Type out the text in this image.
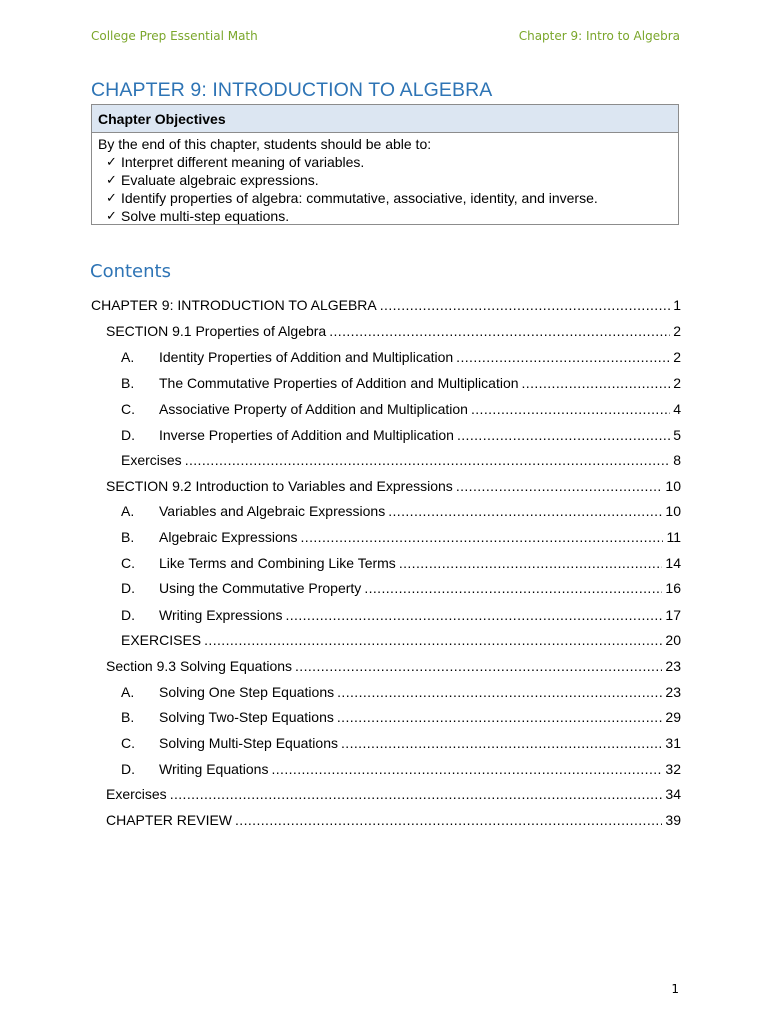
College Prep Essential Math	Chapter 9: Intro to Algebra
CHAPTER 9: INTRODUCTION TO ALGEBRA
Chapter Objectives
By the end of this chapter, students should be able to:
✓ Interpret different meaning of variables.
✓ Evaluate algebraic expressions.
✓ Identify properties of algebra: commutative, associative, identity, and inverse.
✓ Solve multi-step equations.
Contents
CHAPTER 9: INTRODUCTION TO ALGEBRA .....	1
SECTION 9.1 Properties of Algebra .....	2
A.	Identity Properties of Addition and Multiplication .....	2
B.	The Commutative Properties of Addition and Multiplication .....	2
C.	Associative Property of Addition and Multiplication .....	4
D.	Inverse Properties of Addition and Multiplication .....	5
Exercises .....	8
SECTION 9.2 Introduction to Variables and Expressions .....	10
A.	Variables and Algebraic Expressions .....	10
B.	Algebraic Expressions .....	11
C.	Like Terms and Combining Like Terms .....	14
D.	Using the Commutative Property .....	16
D.	Writing Expressions .....	17
EXERCISES .....	20
Section 9.3 Solving Equations .....	23
A.	Solving One Step Equations .....	23
B.	Solving Two-Step Equations .....	29
C.	Solving Multi-Step Equations .....	31
D.	Writing Equations .....	32
Exercises .....	34
CHAPTER REVIEW .....	39
1
